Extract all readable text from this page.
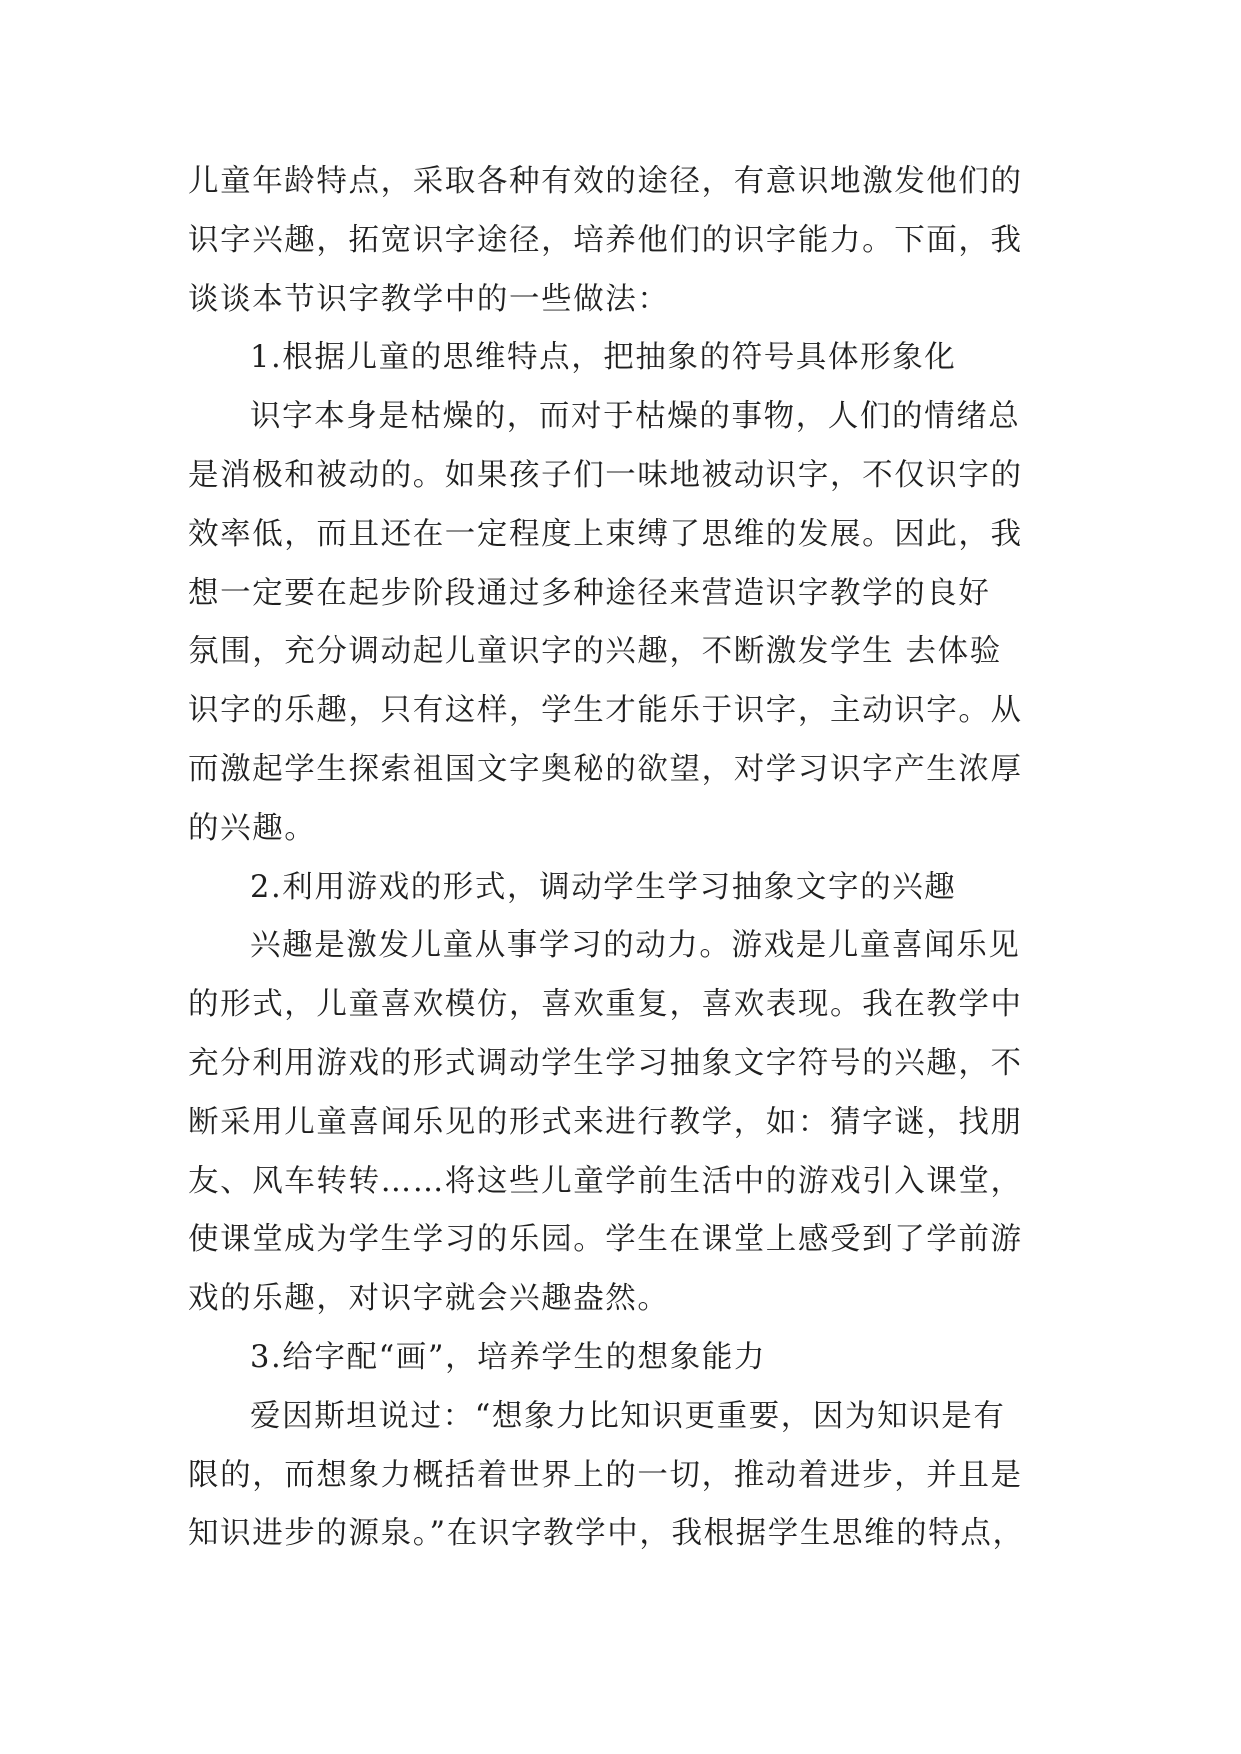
儿童年龄特点，采取各种有效的途径，有意识地激发他们的
识字兴趣，拓宽识字途径，培养他们的识字能力。下面，我
谈谈本节识字教学中的一些做法：
1.根据儿童的思维特点，把抽象的符号具体形象化
识字本身是枯燥的，而对于枯燥的事物，人们的情绪总
是消极和被动的。如果孩子们一味地被动识字，不仅识字的
效率低，而且还在一定程度上束缚了思维的发展。因此，我
想一定要在起步阶段通过多种途径来营造识字教学的良好
氛围，充分调动起儿童识字的兴趣，不断激发学生 去体验
识字的乐趣，只有这样，学生才能乐于识字，主动识字。从
而激起学生探索祖国文字奥秘的欲望，对学习识字产生浓厚
的兴趣。
2.利用游戏的形式，调动学生学习抽象文字的兴趣
兴趣是激发儿童从事学习的动力。游戏是儿童喜闻乐见
的形式，儿童喜欢模仿，喜欢重复，喜欢表现。我在教学中
充分利用游戏的形式调动学生学习抽象文字符号的兴趣，不
断采用儿童喜闻乐见的形式来进行教学，如：猜字谜，找朋
友、风车转转……将这些儿童学前生活中的游戏引入课堂，
使课堂成为学生学习的乐园。学生在课堂上感受到了学前游
戏的乐趣，对识字就会兴趣盎然。
3.给字配“画”，培养学生的想象能力
爱因斯坦说过：“想象力比知识更重要，因为知识是有
限的，而想象力概括着世界上的一切，推动着进步，并且是
知识进步的源泉。”在识字教学中，我根据学生思维的特点，
